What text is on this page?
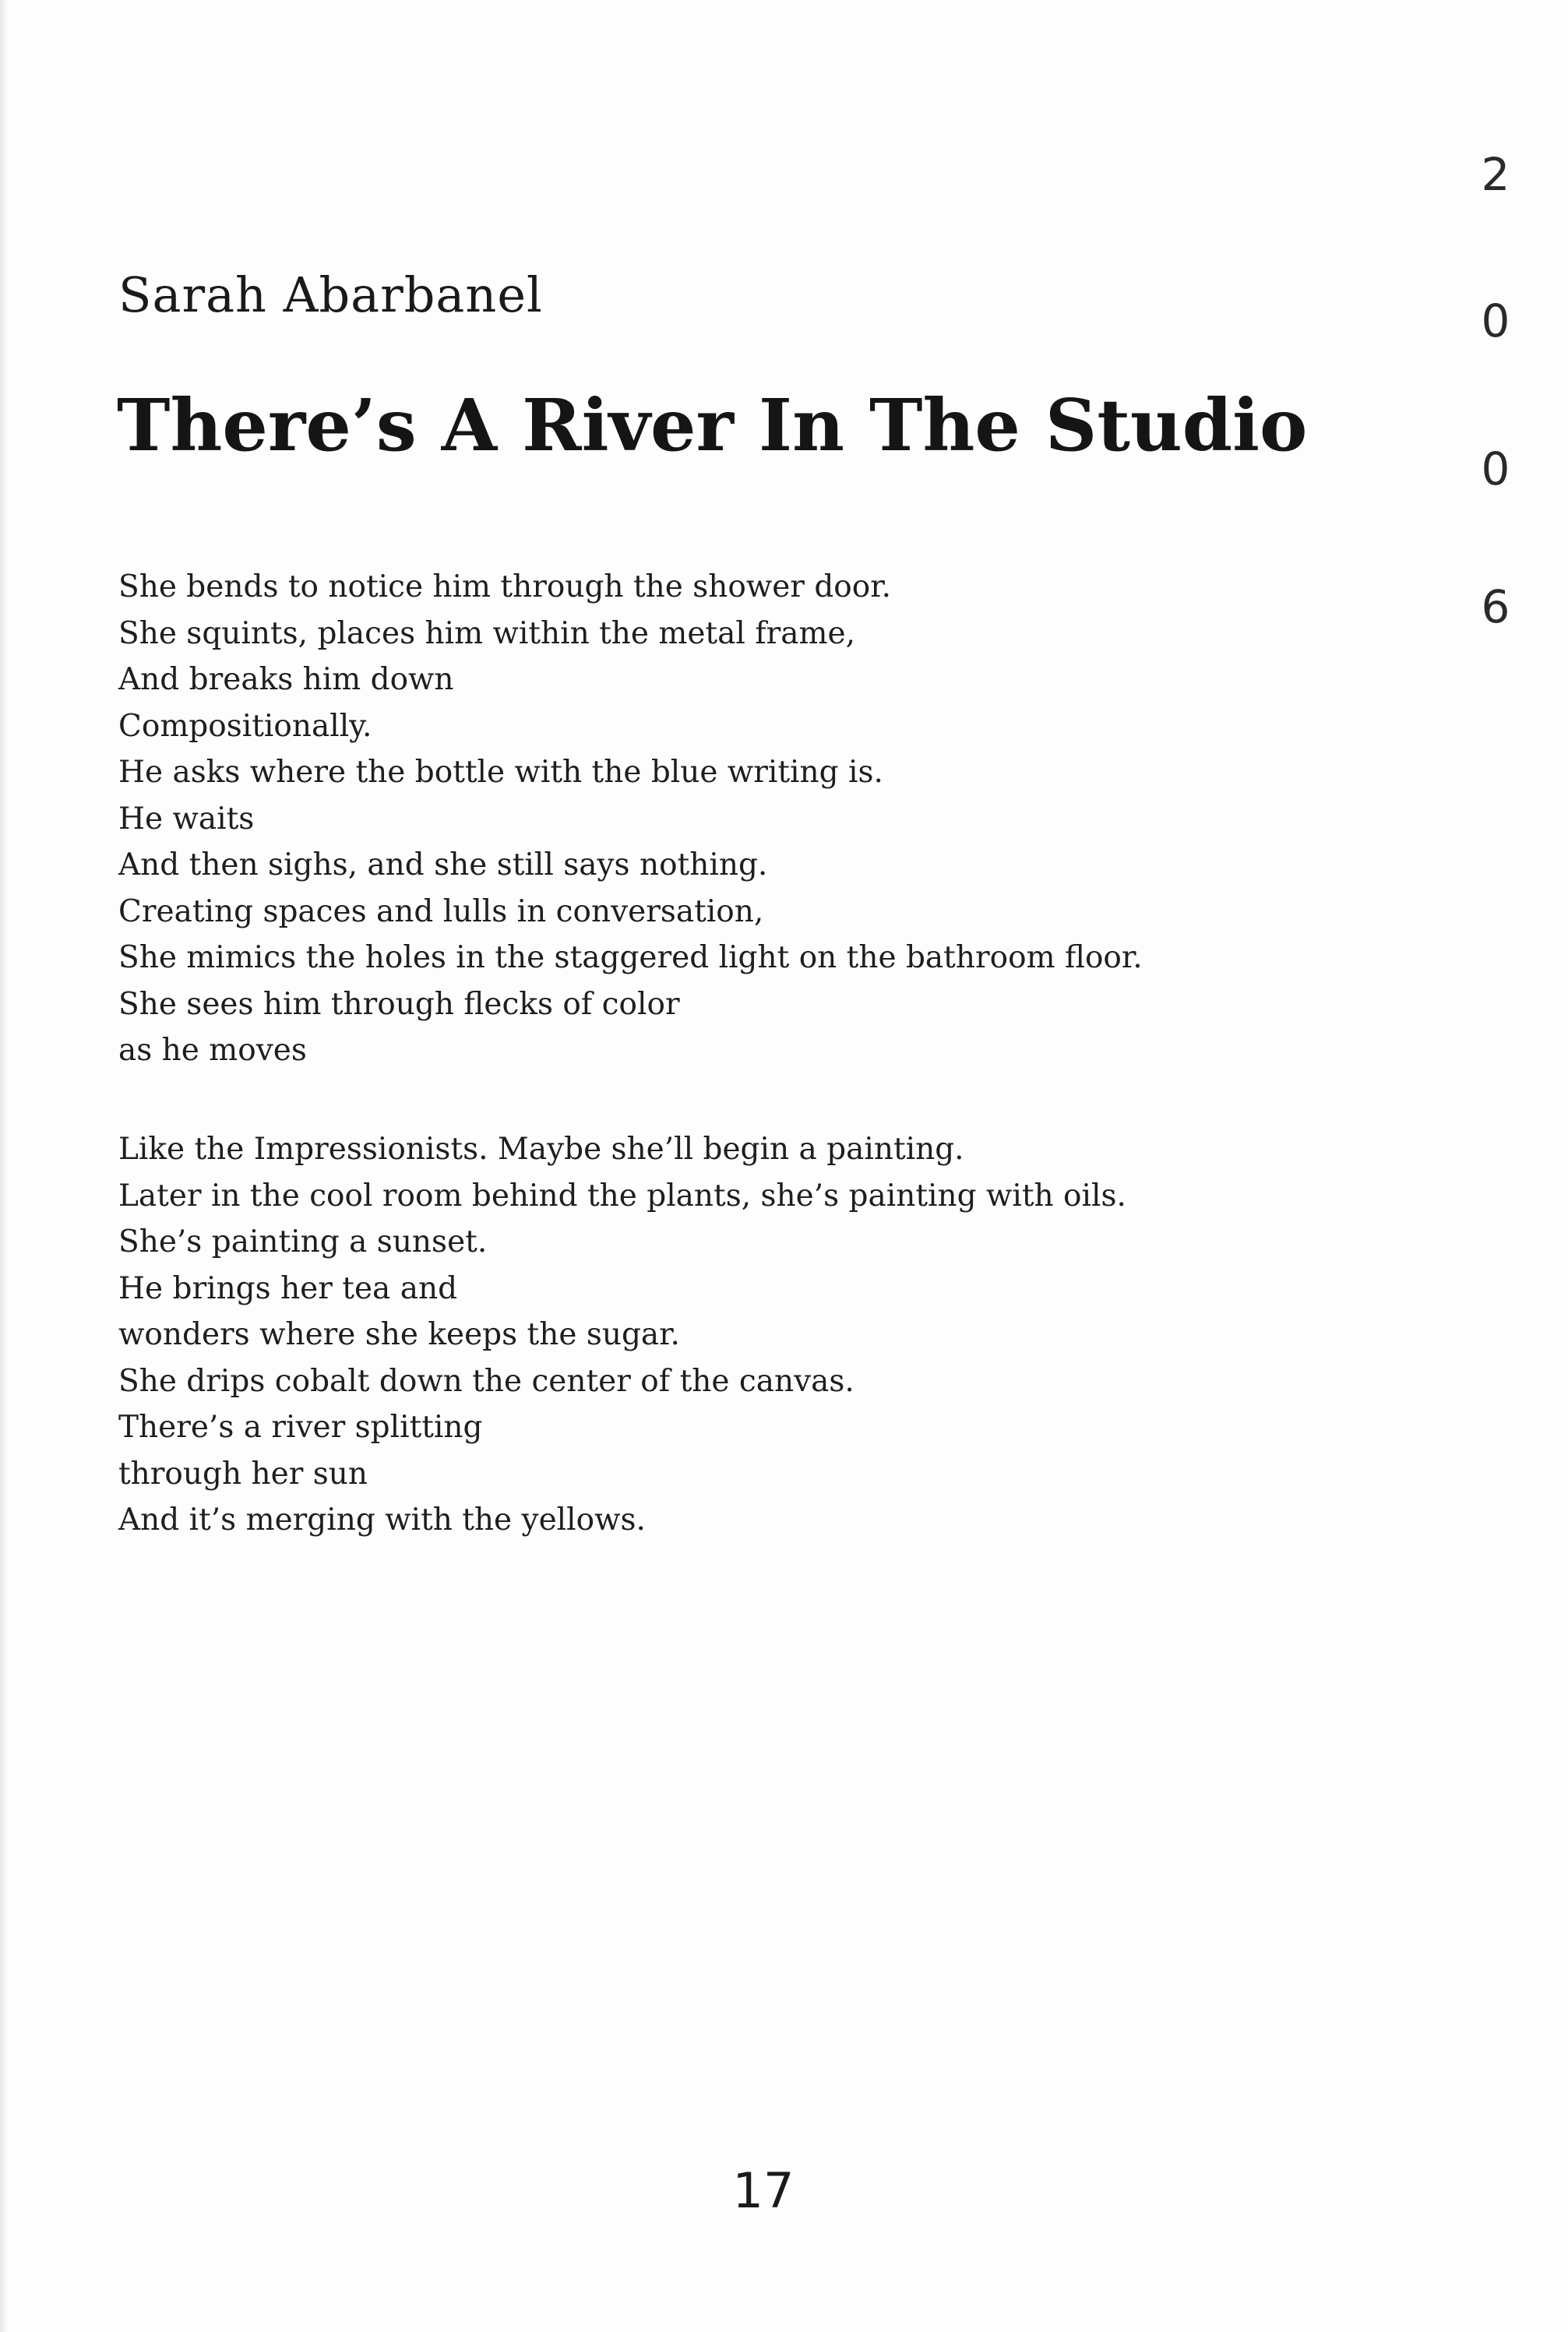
Sarah Abarbanel
There’s A River In The Studio

She bends to notice him through the shower door.
She squints, places him within the metal frame,
And breaks him down
Compositionally.
He asks where the bottle with the blue writing is.
He waits
And then sighs, and she still says nothing.
Creating spaces and lulls in conversation,
She mimics the holes in the staggered light on the bathroom floor.
She sees him through flecks of color
as he moves

Like the Impressionists. Maybe she’ll begin a painting.
Later in the cool room behind the plants, she’s painting with oils.
She’s painting a sunset.
He brings her tea and
wonders where she keeps the sugar.
She drips cobalt down the center of the canvas.
There’s a river splitting
through her sun
And it’s merging with the yellows.

2
0
0
6

17
